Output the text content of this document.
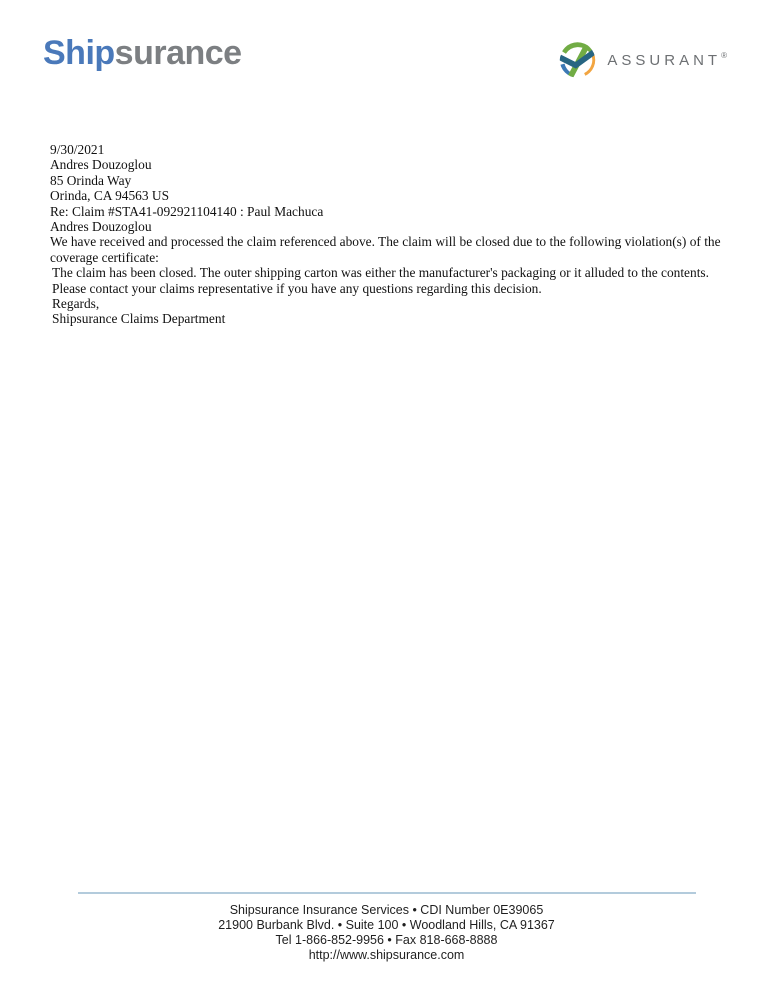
Shipsurance	ASSURANT ®

9/30/2021

Andres Douzoglou
85 Orinda Way
Orinda, CA 94563 US

Re: Claim #STA41-092921104140 : Paul Machuca

Andres Douzoglou

We have received and processed the claim referenced above. The claim will be closed due to the following violation(s) of the coverage certificate:

The claim has been closed. The outer shipping carton was either the manufacturer's packaging or it alluded to the contents.

Please contact your claims representative if you have any questions regarding this decision.

Regards,
Shipsurance Claims Department
Shipsurance Insurance Services • CDI Number 0E39065
21900 Burbank Blvd. • Suite 100 • Woodland Hills, CA 91367
Tel 1-866-852-9956 • Fax 818-668-8888
http://www.shipsurance.com
